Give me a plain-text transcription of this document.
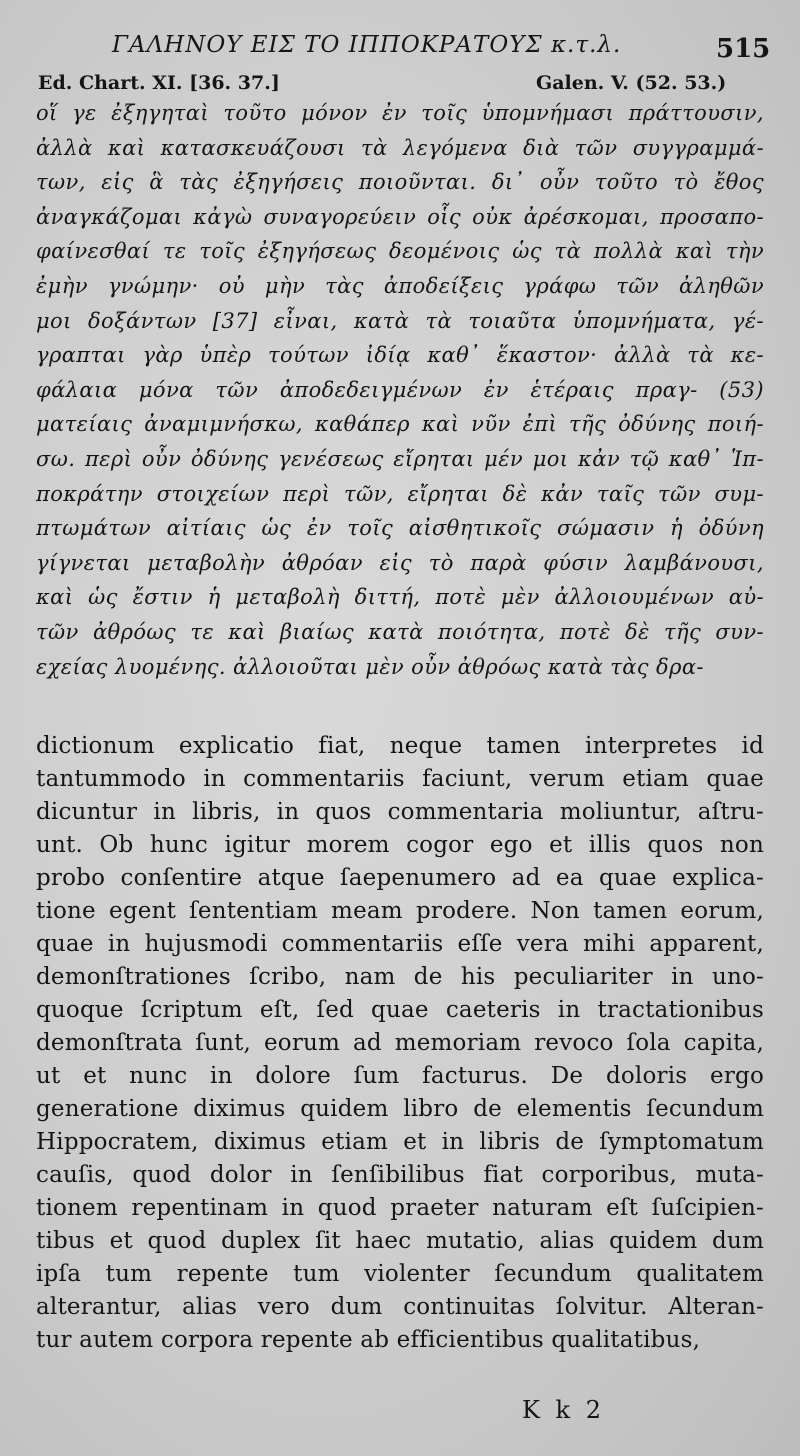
ΓΑΛΗΝΟΥ ΕΙΣ ΤΟ ΙΠΠΟΚΡΑΤΟΥΣ κ.τ.λ.	515
Ed. Chart. XI. [36. 37.]	Galen. V. (52. 53.)
οἵ γε ἐξηγηταὶ τοῦτο μόνον ἐν τοῖς ὑπομνήμασι πράττουσιν,
ἀλλὰ καὶ κατασκευάζουσι τὰ λεγόμενα διὰ τῶν συγγραμμά-
των, εἰς ἃ τὰς ἐξηγήσεις ποιοῦνται. δι᾽ οὖν τοῦτο τὸ ἔθος
ἀναγκάζομαι κἀγὼ συναγορεύειν οἷς οὐκ ἀρέσκομαι, προσαπο-
φαίνεσθαί τε τοῖς ἐξηγήσεως δεομένοις ὡς τὰ πολλὰ καὶ τὴν
ἐμὴν γνώμην· οὐ μὴν τὰς ἀποδείξεις γράφω τῶν ἀληθῶν
μοι δοξάντων [37] εἶναι, κατὰ τὰ τοιαῦτα ὑπομνήματα, γέ-
γραπται γὰρ ὑπὲρ τούτων ἰδίᾳ καθ᾽ ἕκαστον· ἀλλὰ τὰ κε-
φάλαια μόνα τῶν ἀποδεδειγμένων ἐν ἑτέραις πραγ- (53)
ματείαις ἀναμιμνήσκω, καθάπερ καὶ νῦν ἐπὶ τῆς ὀδύνης ποιή-
σω. περὶ οὖν ὀδύνης γενέσεως εἴρηται μέν μοι κἀν τῷ καθ᾽ Ἱπ-
ποκράτην στοιχείων περὶ τῶν, εἴρηται δὲ κἀν ταῖς τῶν συμ-
πτωμάτων αἰτίαις ὡς ἐν τοῖς αἰσθητικοῖς σώμασιν ἡ ὀδύνη
γίγνεται μεταβολὴν ἀθρόαν εἰς τὸ παρὰ φύσιν λαμβάνουσι,
καὶ ὡς ἔστιν ἡ μεταβολὴ διττή, ποτὲ μὲν ἀλλοιουμένων αὐ-
τῶν ἀθρόως τε καὶ βιαίως κατὰ ποιότητα, ποτὲ δὲ τῆς συν-
εχείας λυομένης. ἀλλοιοῦται μὲν οὖν ἀθρόως κατὰ τὰς δρα-
dictionum explicatio fiat, neque tamen interpretes id
tantummodo in commentariis faciunt, verum etiam quae
dicuntur in libris, in quos commentaria moliuntur, aſtru-
unt. Ob hunc igitur morem cogor ego et illis quos non
probo conſentire atque ſaepenumero ad ea quae explica-
tione egent ſententiam meam prodere. Non tamen eorum,
quae in hujusmodi commentariis eſſe vera mihi apparent,
demonſtrationes ſcribo, nam de his peculiariter in uno-
quoque ſcriptum eſt, ſed quae caeteris in tractationibus
demonſtrata ſunt, eorum ad memoriam revoco ſola capita,
ut et nunc in dolore ſum facturus. De doloris ergo
generatione diximus quidem libro de elementis ſecundum
Hippocratem, diximus etiam et in libris de ſymptomatum
cauſis, quod dolor in ſenſibilibus fiat corporibus, muta-
tionem repentinam in quod praeter naturam eſt ſuſcipien-
tibus et quod duplex ſit haec mutatio, alias quidem dum
ipſa tum repente tum violenter ſecundum qualitatem
alterantur, alias vero dum continuitas ſolvitur. Alteran-
tur autem corpora repente ab efficientibus qualitatibus,
K k 2
